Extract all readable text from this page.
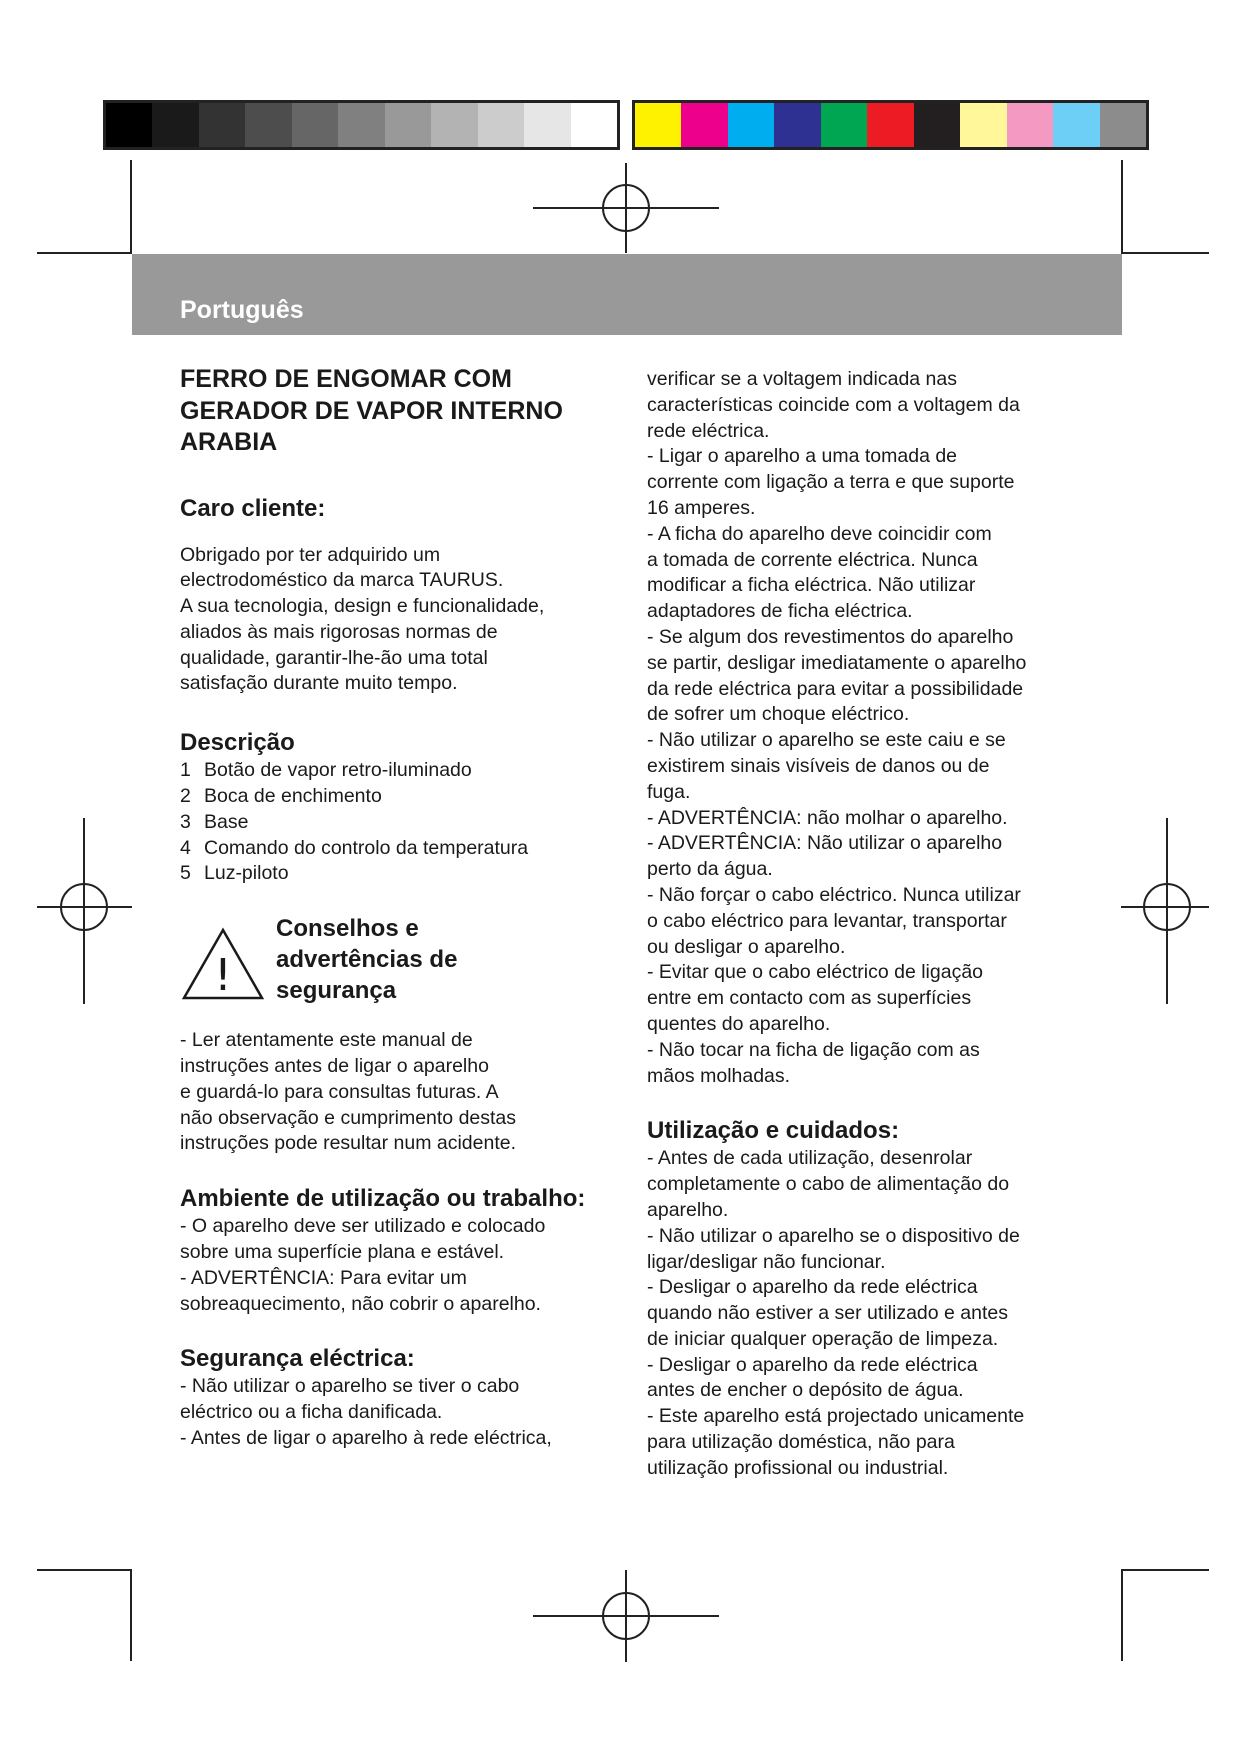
Português

FERRO DE ENGOMAR COM GERADOR DE VAPOR INTERNO ARABIA

Caro cliente:

Obrigado por ter adquirido um
electrodoméstico da marca TAURUS.
A sua tecnologia, design e funcionalidade,
aliados às mais rigorosas normas de
qualidade, garantir-lhe-ão uma total
satisfação durante muito tempo.

Descrição
1 Botão de vapor retro-iluminado
2 Boca de enchimento
3 Base
4 Comando do controlo da temperatura
5 Luz-piloto
!
Conselhos e advertências de segurança

- Ler atentamente este manual de
instruções antes de ligar o aparelho
e guardá-lo para consultas futuras. A
não observação e cumprimento destas
instruções pode resultar num acidente.

Ambiente de utilização ou trabalho:

- O aparelho deve ser utilizado e colocado
sobre uma superfície plana e estável.
- ADVERTÊNCIA: Para evitar um
sobreaquecimento, não cobrir o aparelho.

Segurança eléctrica:

- Não utilizar o aparelho se tiver o cabo
eléctrico ou a ficha danificada.
- Antes de ligar o aparelho à rede eléctrica,

verificar se a voltagem indicada nas
características coincide com a voltagem da
rede eléctrica.
- Ligar o aparelho a uma tomada de
corrente com ligação a terra e que suporte
16 amperes.
- A ficha do aparelho deve coincidir com
a tomada de corrente eléctrica. Nunca
modificar a ficha eléctrica. Não utilizar
adaptadores de ficha eléctrica.
- Se algum dos revestimentos do aparelho
se partir, desligar imediatamente o aparelho
da rede eléctrica para evitar a possibilidade
de sofrer um choque eléctrico.
- Não utilizar o aparelho se este caiu e se
existirem sinais visíveis de danos ou de
fuga.
- ADVERTÊNCIA: não molhar o aparelho.
- ADVERTÊNCIA: Não utilizar o aparelho
perto da água.
- Não forçar o cabo eléctrico. Nunca utilizar
o cabo eléctrico para levantar, transportar
ou desligar o aparelho.
- Evitar que o cabo eléctrico de ligação
entre em contacto com as superfícies
quentes do aparelho.
- Não tocar na ficha de ligação com as
mãos molhadas.

Utilização e cuidados:

- Antes de cada utilização, desenrolar
completamente o cabo de alimentação do
aparelho.
- Não utilizar o aparelho se o dispositivo de
ligar/desligar não funcionar.
- Desligar o aparelho da rede eléctrica
quando não estiver a ser utilizado e antes
de iniciar qualquer operação de limpeza.
- Desligar o aparelho da rede eléctrica
antes de encher o depósito de água.
- Este aparelho está projectado unicamente
para utilização doméstica, não para
utilização profissional ou industrial.
